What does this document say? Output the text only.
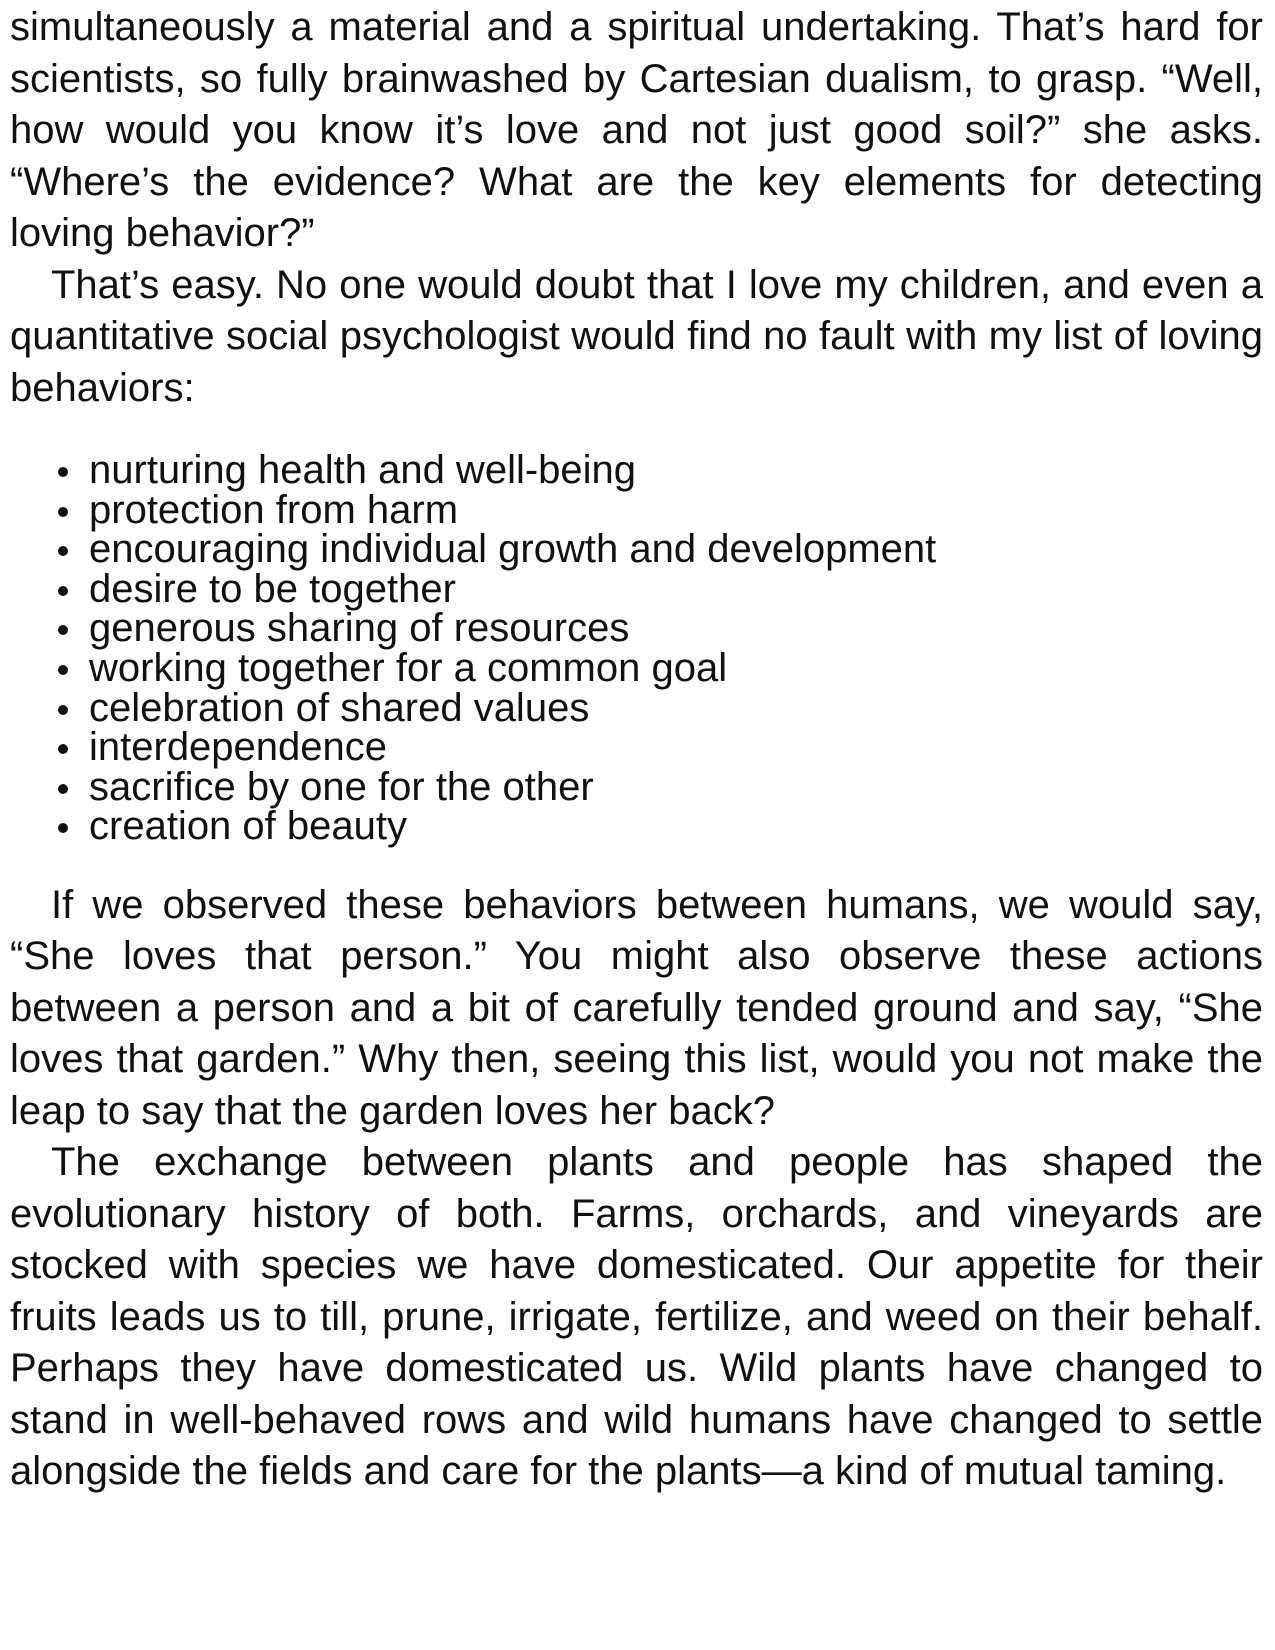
simultaneously a material and a spiritual undertaking. That’s hard for scientists, so fully brainwashed by Cartesian dualism, to grasp. “Well, how would you know it’s love and not just good soil?” she asks. “Where’s the evidence? What are the key elements for detecting loving behavior?”

That’s easy. No one would doubt that I love my children, and even a quantitative social psychologist would find no fault with my list of loving behaviors:

nurturing health and well-being
protection from harm
encouraging individual growth and development
desire to be together
generous sharing of resources
working together for a common goal
celebration of shared values
interdependence
sacrifice by one for the other
creation of beauty

If we observed these behaviors between humans, we would say, “She loves that person.” You might also observe these actions between a person and a bit of carefully tended ground and say, “She loves that garden.” Why then, seeing this list, would you not make the leap to say that the garden loves her back?

The exchange between plants and people has shaped the evolutionary history of both. Farms, orchards, and vineyards are stocked with species we have domesticated. Our appetite for their fruits leads us to till, prune, irrigate, fertilize, and weed on their behalf. Perhaps they have domesticated us. Wild plants have changed to stand in well-behaved rows and wild humans have changed to settle alongside the fields and care for the plants—a kind of mutual taming.
